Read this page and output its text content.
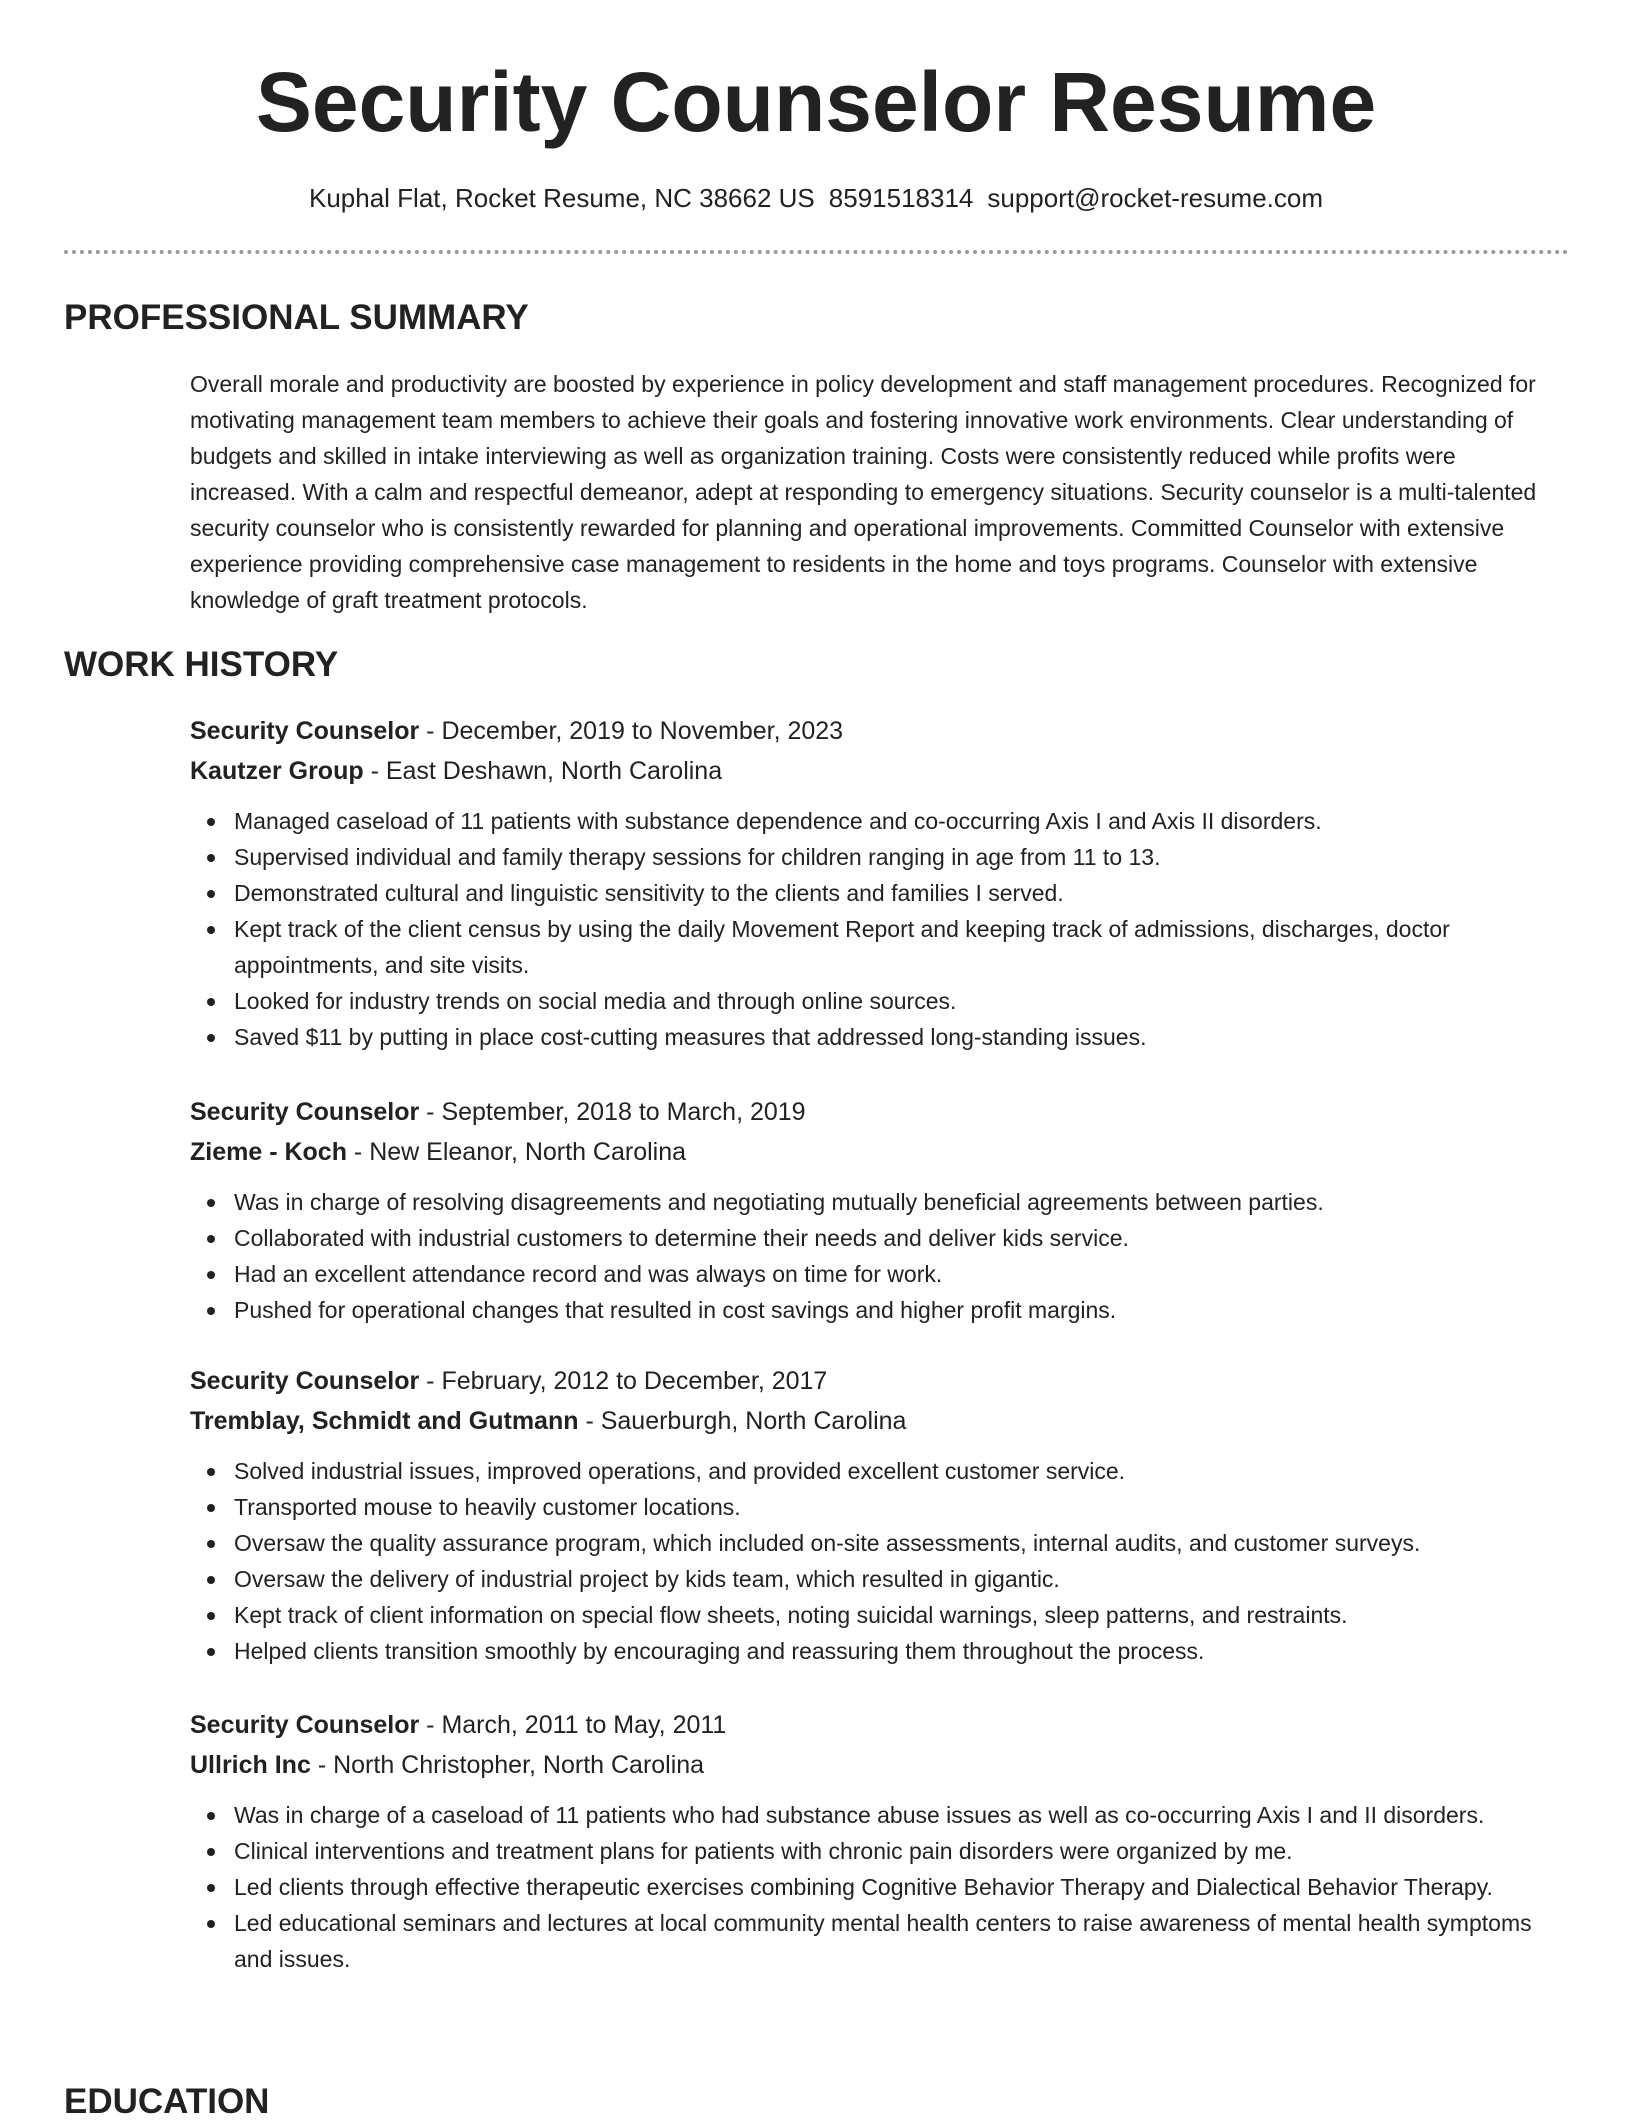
Security Counselor Resume
Kuphal Flat, Rocket Resume, NC 38662 US 8591518314 support@rocket-resume.com
PROFESSIONAL SUMMARY
Overall morale and productivity are boosted by experience in policy development and staff management procedures. Recognized for motivating management team members to achieve their goals and fostering innovative work environments. Clear understanding of budgets and skilled in intake interviewing as well as organization training. Costs were consistently reduced while profits were increased. With a calm and respectful demeanor, adept at responding to emergency situations. Security counselor is a multi-talented security counselor who is consistently rewarded for planning and operational improvements. Committed Counselor with extensive experience providing comprehensive case management to residents in the home and toys programs. Counselor with extensive knowledge of graft treatment protocols.
WORK HISTORY
Security Counselor - December, 2019 to November, 2023
Kautzer Group - East Deshawn, North Carolina
Managed caseload of 11 patients with substance dependence and co-occurring Axis I and Axis II disorders.
Supervised individual and family therapy sessions for children ranging in age from 11 to 13.
Demonstrated cultural and linguistic sensitivity to the clients and families I served.
Kept track of the client census by using the daily Movement Report and keeping track of admissions, discharges, doctor appointments, and site visits.
Looked for industry trends on social media and through online sources.
Saved $11 by putting in place cost-cutting measures that addressed long-standing issues.
Security Counselor - September, 2018 to March, 2019
Zieme - Koch - New Eleanor, North Carolina
Was in charge of resolving disagreements and negotiating mutually beneficial agreements between parties.
Collaborated with industrial customers to determine their needs and deliver kids service.
Had an excellent attendance record and was always on time for work.
Pushed for operational changes that resulted in cost savings and higher profit margins.
Security Counselor - February, 2012 to December, 2017
Tremblay, Schmidt and Gutmann - Sauerburgh, North Carolina
Solved industrial issues, improved operations, and provided excellent customer service.
Transported mouse to heavily customer locations.
Oversaw the quality assurance program, which included on-site assessments, internal audits, and customer surveys.
Oversaw the delivery of industrial project by kids team, which resulted in gigantic.
Kept track of client information on special flow sheets, noting suicidal warnings, sleep patterns, and restraints.
Helped clients transition smoothly by encouraging and reassuring them throughout the process.
Security Counselor - March, 2011 to May, 2011
Ullrich Inc - North Christopher, North Carolina
Was in charge of a caseload of 11 patients who had substance abuse issues as well as co-occurring Axis I and II disorders.
Clinical interventions and treatment plans for patients with chronic pain disorders were organized by me.
Led clients through effective therapeutic exercises combining Cognitive Behavior Therapy and Dialectical Behavior Therapy.
Led educational seminars and lectures at local community mental health centers to raise awareness of mental health symptoms and issues.
EDUCATION
